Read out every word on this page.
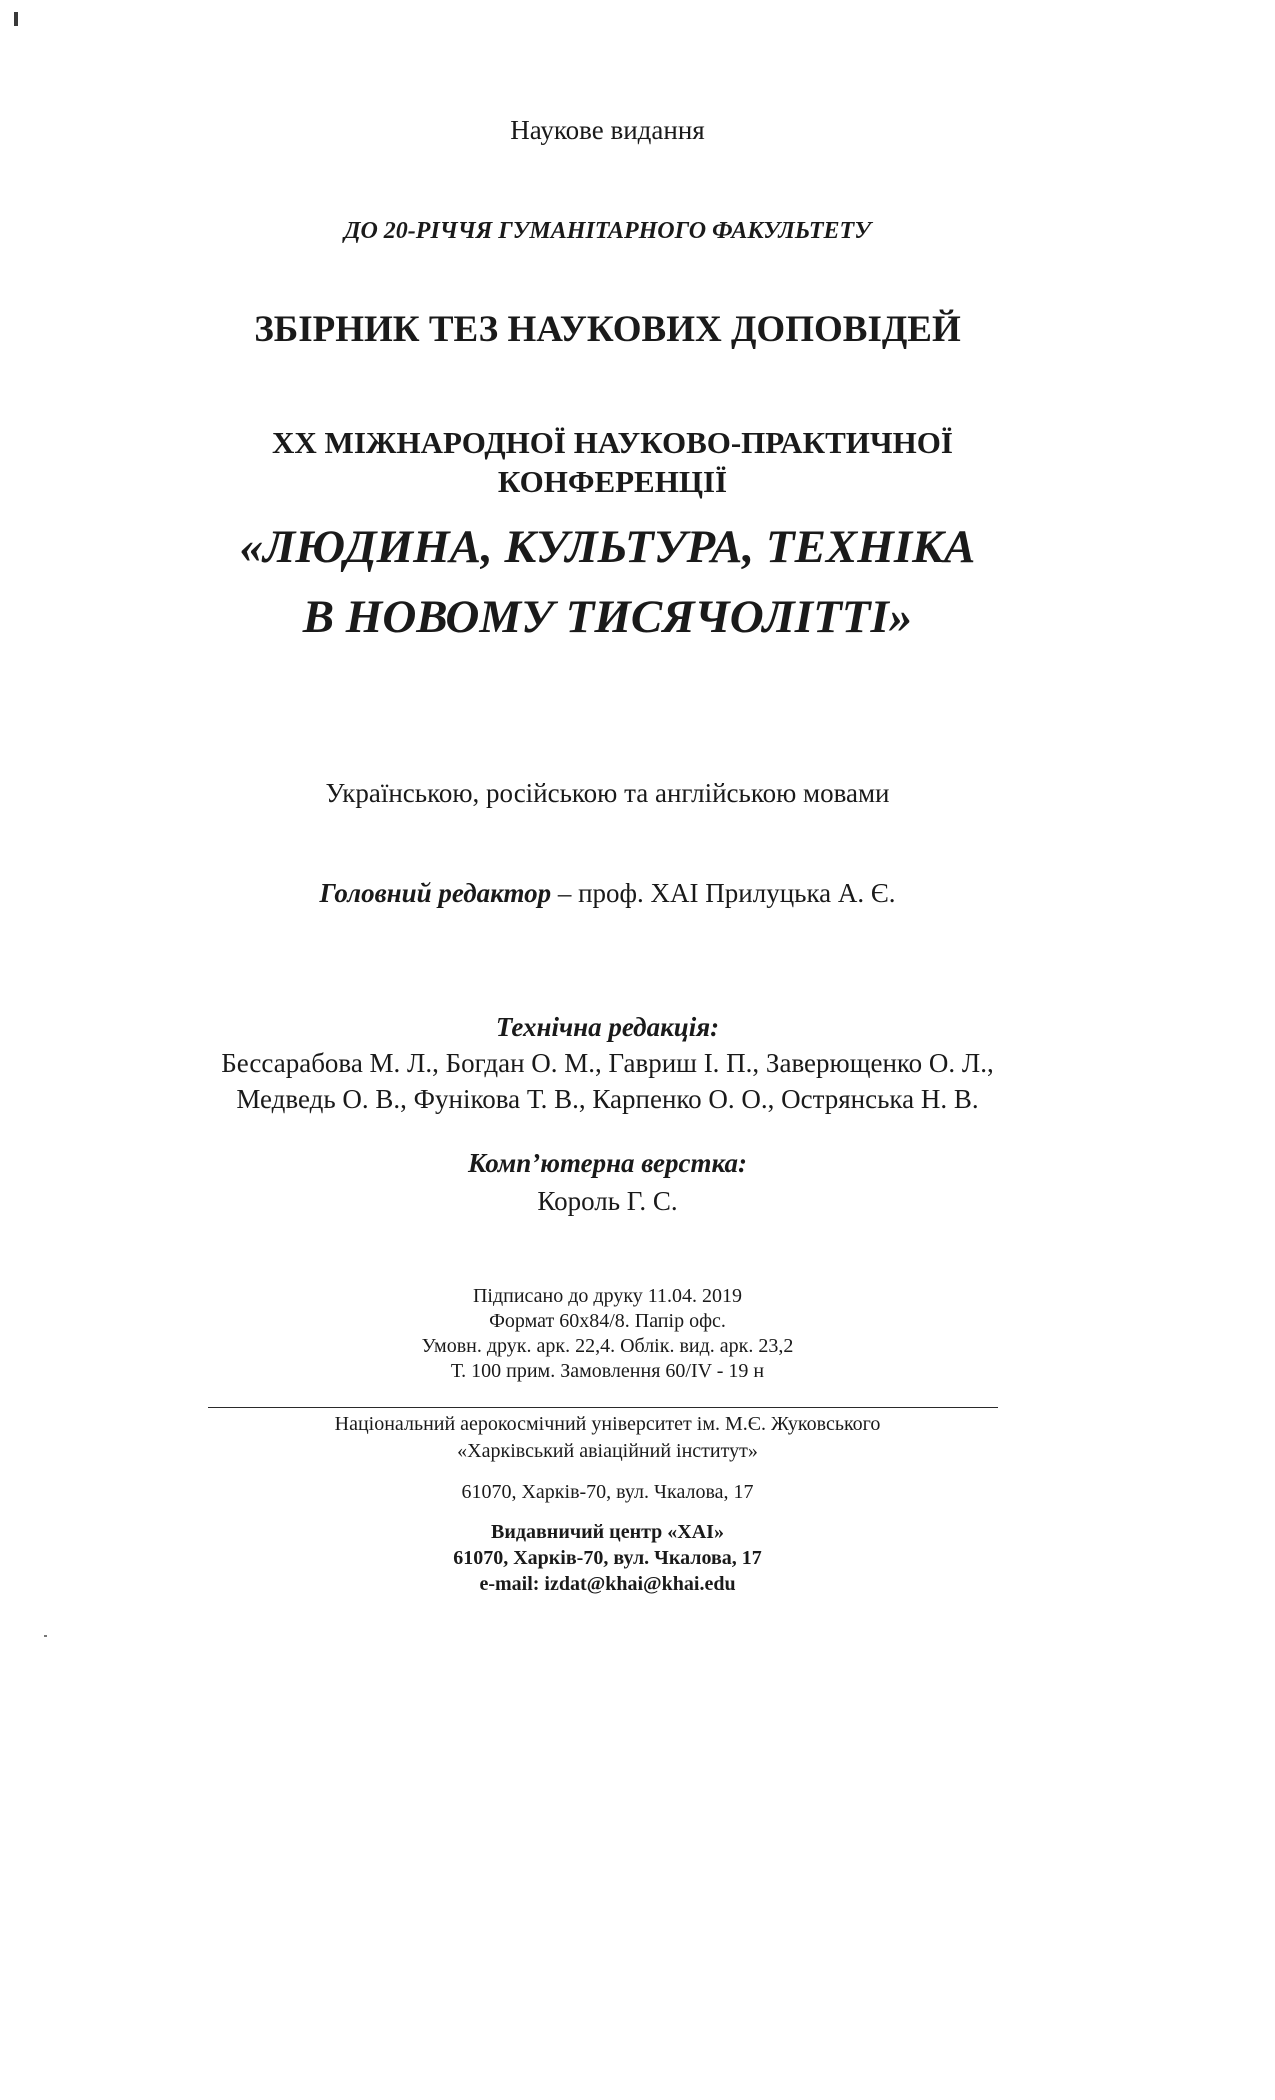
Наукове видання
ДО 20-РІЧЧЯ ГУМАНІТАРНОГО ФАКУЛЬТЕТУ
ЗБІРНИК ТЕЗ НАУКОВИХ ДОПОВІДЕЙ
XX МІЖНАРОДНОЇ НАУКОВО-ПРАКТИЧНОЇ
КОНФЕРЕНЦІЇ
«ЛЮДИНА, КУЛЬТУРА, ТЕХНІКА
В НОВОМУ ТИСЯЧОЛІТТІ»
Українською, російською та англійською мовами
Головний редактор – проф. ХАІ Прилуцька А. Є.
Технічна редакція:
Бессарабова М. Л., Богдан О. М., Гавриш І. П., Заверющенко О. Л.,
Медведь О. В., Фунікова Т. В., Карпенко О. О., Острянська Н. В.
Комп’ютерна верстка:
Король Г. С.
Підписано до друку 11.04. 2019
Формат 60х84/8. Папір офс.
Умовн. друк. арк. 22,4. Облік. вид. арк. 23,2
Т. 100 прим. Замовлення 60/IV - 19 н
Національний аерокосмічний університет ім. М.Є. Жуковського
«Харківський авіаційний інститут»
61070, Харків-70, вул. Чкалова, 17
Видавничий центр «ХАІ»
61070, Харків-70, вул. Чкалова, 17
e-mail: izdat@khai@khai.edu
